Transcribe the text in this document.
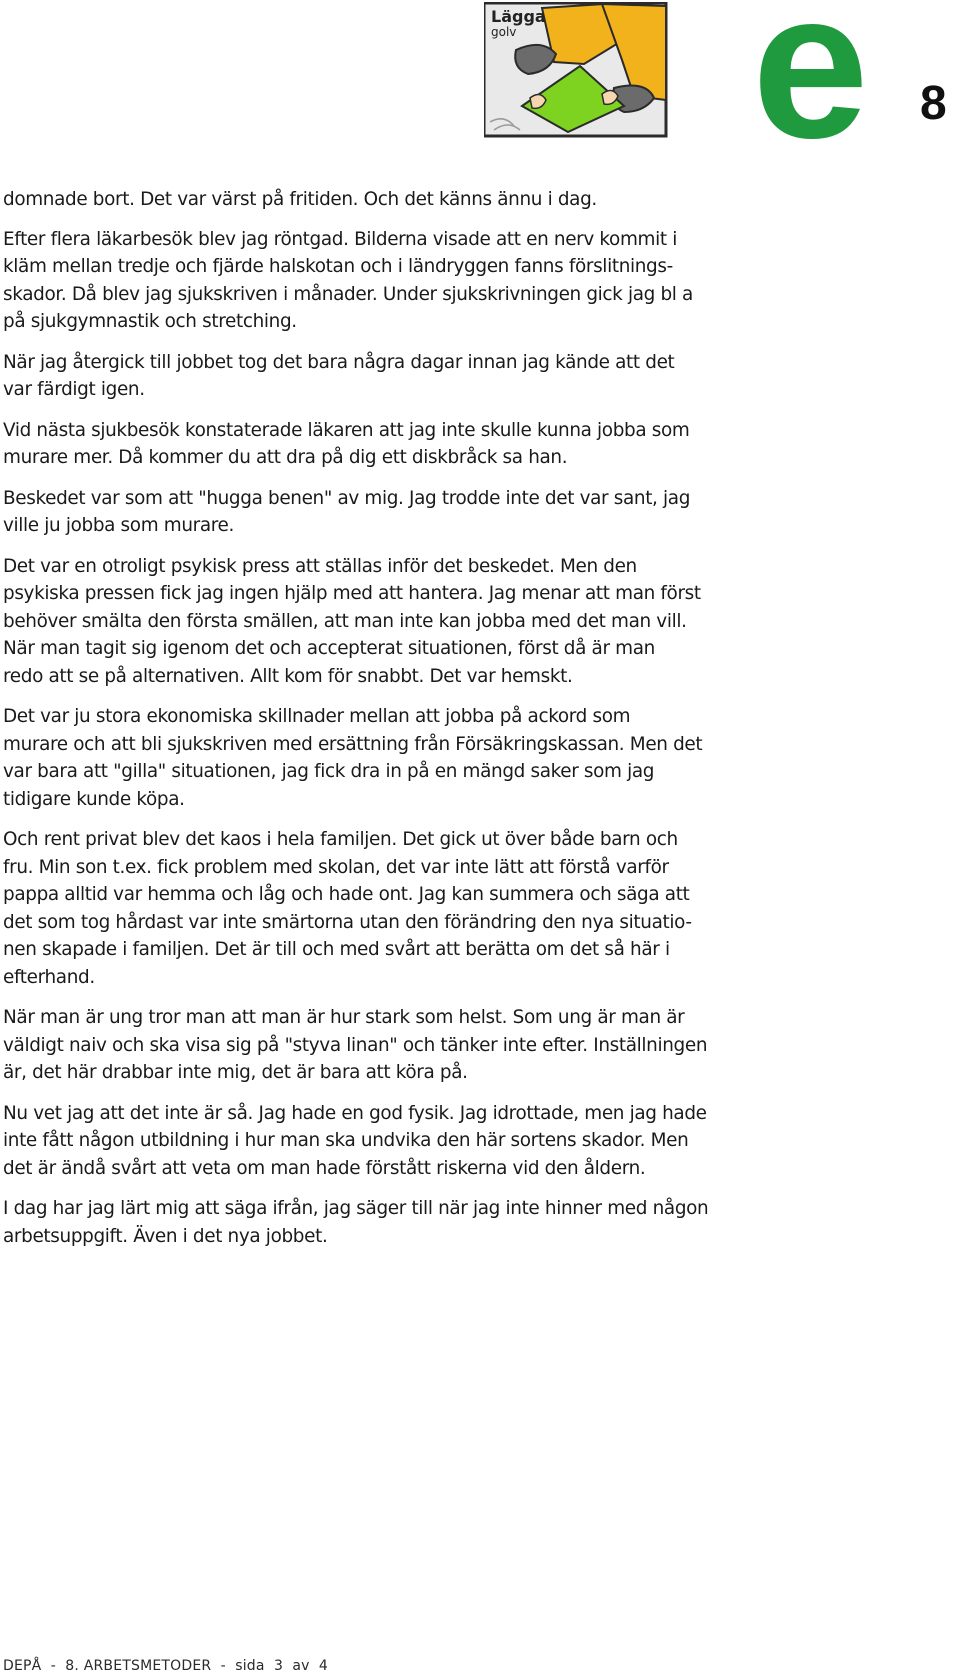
Lägga
golv e 8

domnade bort. Det var värst på fritiden. Och det känns ännu i dag.

Efter flera läkarbesök blev jag röntgad. Bilderna visade att en nerv kommit i
kläm mellan tredje och fjärde halskotan och i ländryggen fanns förslitnings-
skador. Då blev jag sjukskriven i månader. Under sjukskrivningen gick jag bl a
på sjukgymnastik och stretching.

När jag återgick till jobbet tog det bara några dagar innan jag kände att det
var färdigt igen.

Vid nästa sjukbesök konstaterade läkaren att jag inte skulle kunna jobba som
murare mer. Då kommer du att dra på dig ett diskbråck sa han.

Beskedet var som att "hugga benen" av mig. Jag trodde inte det var sant, jag
ville ju jobba som murare.

Det var en otroligt psykisk press att ställas inför det beskedet. Men den
psykiska pressen fick jag ingen hjälp med att hantera. Jag menar att man först
behöver smälta den första smällen, att man inte kan jobba med det man vill.
När man tagit sig igenom det och accepterat situationen, först då är man
redo att se på alternativen. Allt kom för snabbt. Det var hemskt.

Det var ju stora ekonomiska skillnader mellan att jobba på ackord som
murare och att bli sjukskriven med ersättning från Försäkringskassan. Men det
var bara att "gilla" situationen, jag fick dra in på en mängd saker som jag
tidigare kunde köpa.

Och rent privat blev det kaos i hela familjen. Det gick ut över både barn och
fru. Min son t.ex. fick problem med skolan, det var inte lätt att förstå varför
pappa alltid var hemma och låg och hade ont. Jag kan summera och säga att
det som tog hårdast var inte smärtorna utan den förändring den nya situatio-
nen skapade i familjen. Det är till och med svårt att berätta om det så här i
efterhand.

När man är ung tror man att man är hur stark som helst. Som ung är man är
väldigt naiv och ska visa sig på "styva linan" och tänker inte efter. Inställningen
är, det här drabbar inte mig, det är bara att köra på.

Nu vet jag att det inte är så. Jag hade en god fysik. Jag idrottade, men jag hade
inte fått någon utbildning i hur man ska undvika den här sortens skador. Men
det är ändå svårt att veta om man hade förstått riskerna vid den åldern.

I dag har jag lärt mig att säga ifrån, jag säger till när jag inte hinner med någon
arbetsuppgift. Även i det nya jobbet.

DEPÅ  -  8. ARBETSMETODER  -  sida  3  av  4
